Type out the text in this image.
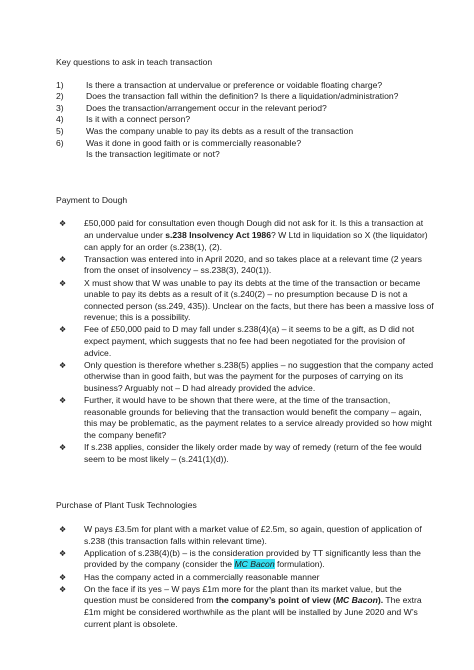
Key questions to ask in teach transaction

1)	Is there a transaction at undervalue or preference or voidable floating charge?
2)	Does the transaction fall within the definition? Is there a liquidation/administration?
3)	Does the transaction/arrangement occur in the relevant period?
4)	Is it with a connect person?
5)	Was the company unable to pay its debts as a result of the transaction
6)	Was it done in good faith or is commercially reasonable?
Is the transaction legitimate or not?

Payment to Dough

❖	£50,000 paid for consultation even though Dough did not ask for it. Is this a transaction at an undervalue under s.238 Insolvency Act 1986? W Ltd in liquidation so X (the liquidator) can apply for an order (s.238(1), (2).
❖	Transaction was entered into in April 2020, and so takes place at a relevant time (2 years from the onset of insolvency – ss.238(3), 240(1)).
❖	X must show that W was unable to pay its debts at the time of the transaction or became unable to pay its debts as a result of it (s.240(2) – no presumption because D is not a connected person (ss.249, 435)). Unclear on the facts, but there has been a massive loss of revenue; this is a possibility.
❖	Fee of £50,000 paid to D may fall under s.238(4)(a) – it seems to be a gift, as D did not expect payment, which suggests that no fee had been negotiated for the provision of advice.
❖	Only question is therefore whether s.238(5) applies – no suggestion that the company acted otherwise than in good faith, but was the payment for the purposes of carrying on its business? Arguably not – D had already provided the advice.
❖	Further, it would have to be shown that there were, at the time of the transaction, reasonable grounds for believing that the transaction would benefit the company – again, this may be problematic, as the payment relates to a service already provided so how might the company benefit?
❖	If s.238 applies, consider the likely order made by way of remedy (return of the fee would seem to be most likely – (s.241(1)(d)).

Purchase of Plant Tusk Technologies

❖	W pays £3.5m for plant with a market value of £2.5m, so again, question of application of s.238 (this transaction falls within relevant time).
❖	Application of s.238(4)(b) – is the consideration provided by TT significantly less than the provided by the company (consider the MC Bacon formulation).
❖	Has the company acted in a commercially reasonable manner
❖	On the face if its yes – W pays £1m more for the plant than its market value, but the question must be considered from the company’s point of view (MC Bacon). The extra £1m might be considered worthwhile as the plant will be installed by June 2020 and W’s current plant is obsolete.
